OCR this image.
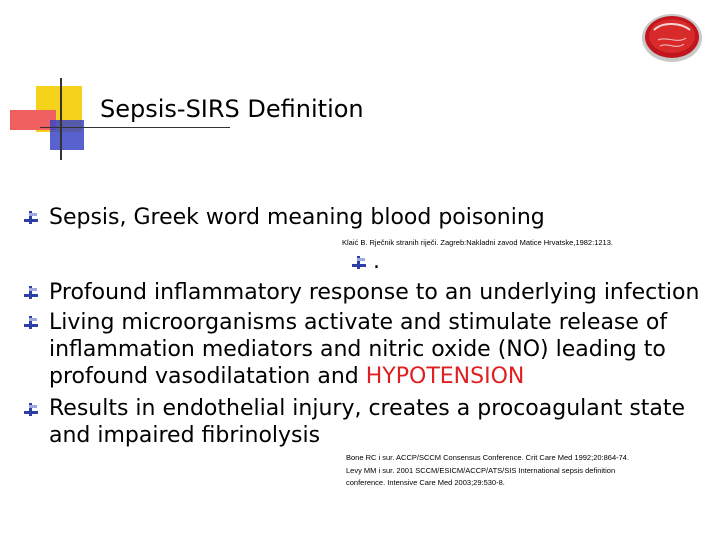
Sepsis-SIRS Definition
Sepsis, Greek word meaning blood poisoning
Klaić B. Rječnik stranih riječi. Zagreb:Nakladni zavod Matice Hrvatske,1982:1213.
.
Profound inflammatory response to an underlying infection
Living microorganisms activate and stimulate release of
inflammation mediators and nitric oxide (NO) leading to
profound vasodilatation and HYPOTENSION
Results in endothelial injury, creates a procoagulant state
and impaired fibrinolysis
Bone RC i sur. ACCP/SCCM Consensus Conference. Crit Care Med 1992;20:864-74.
Levy MM i sur. 2001 SCCM/ESICM/ACCP/ATS/SIS International sepsis definition
conference. Intensive Care Med 2003;29:530-8.
